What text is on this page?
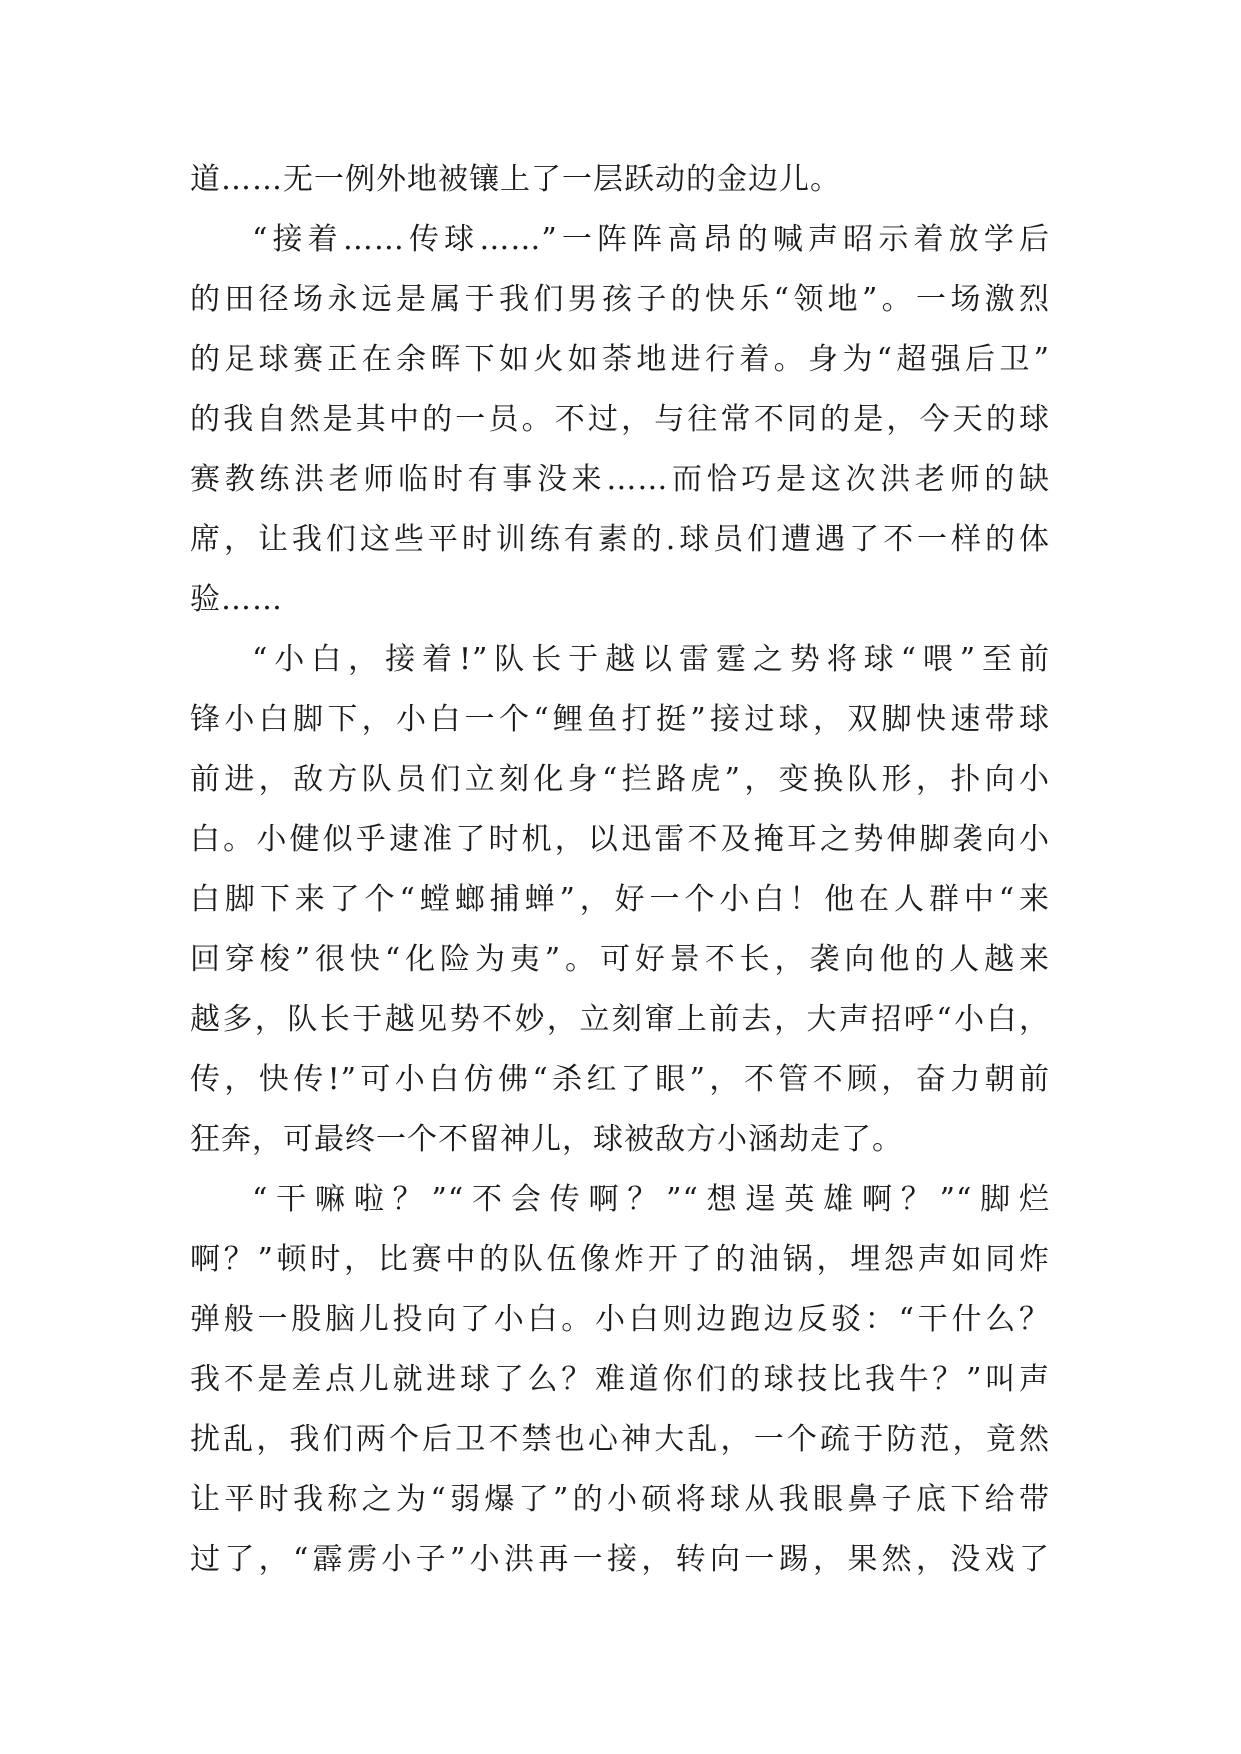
道……无一例外地被镶上了一层跃动的金边儿。
“接着……传球……”一阵阵高昂的喊声昭示着放学后
的田径场永远是属于我们男孩子的快乐“领地”。一场激烈
的足球赛正在余晖下如火如荼地进行着。身为“超强后卫”
的我自然是其中的一员。不过，与往常不同的是，今天的球
赛教练洪老师临时有事没来……而恰巧是这次洪老师的缺
席，让我们这些平时训练有素的.球员们遭遇了不一样的体
验……
“小白，接着!”队长于越以雷霆之势将球“喂”至前
锋小白脚下，小白一个“鲤鱼打挺”接过球，双脚快速带球
前进，敌方队员们立刻化身“拦路虎”，变换队形，扑向小
白。小健似乎逮准了时机，以迅雷不及掩耳之势伸脚袭向小
白脚下来了个“螳螂捕蝉”，好一个小白！他在人群中“来
回穿梭”很快“化险为夷”。可好景不长，袭向他的人越来
越多，队长于越见势不妙，立刻窜上前去，大声招呼“小白，
传，快传!”可小白仿佛“杀红了眼”，不管不顾，奋力朝前
狂奔，可最终一个不留神儿，球被敌方小涵劫走了。
“干嘛啦？”“不会传啊？”“想逞英雄啊？”“脚烂
啊？”顿时，比赛中的队伍像炸开了的油锅，埋怨声如同炸
弹般一股脑儿投向了小白。小白则边跑边反驳：“干什么？
我不是差点儿就进球了么？难道你们的球技比我牛？”叫声
扰乱，我们两个后卫不禁也心神大乱，一个疏于防范，竟然
让平时我称之为“弱爆了”的小硕将球从我眼鼻子底下给带
过了，“霹雳小子”小洪再一接，转向一踢，果然，没戏了
